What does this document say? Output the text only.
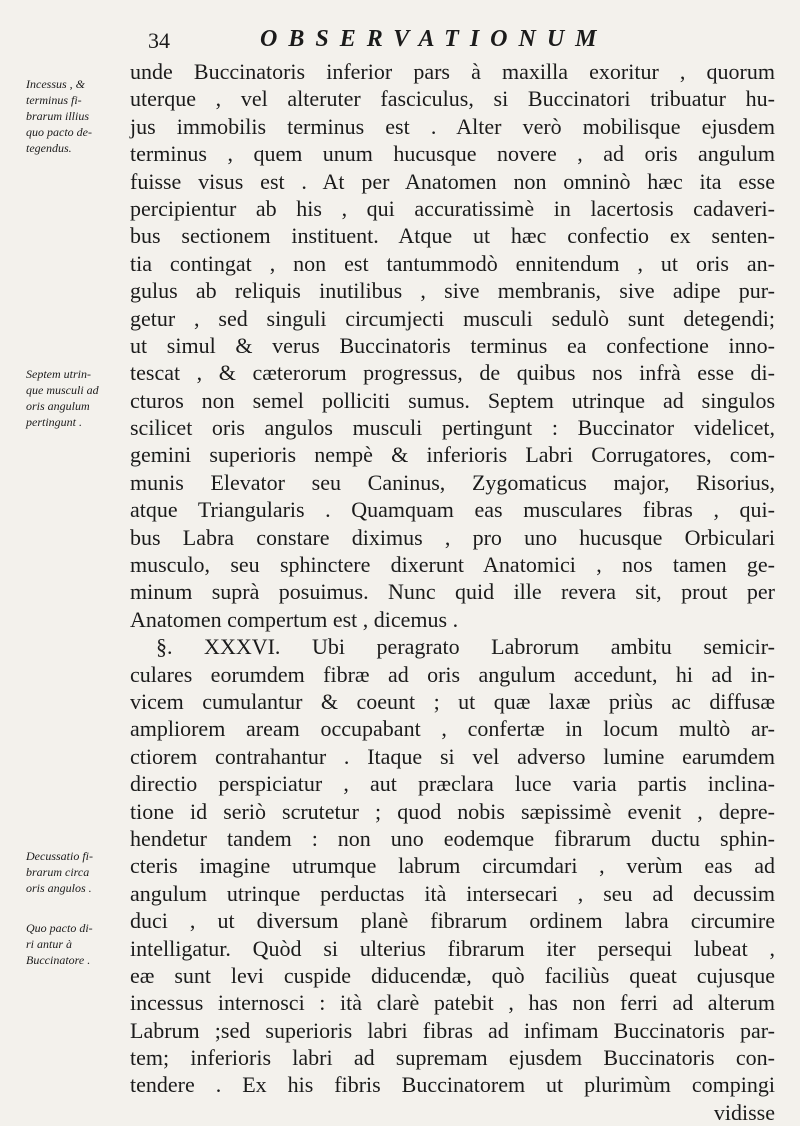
34	OBSERVATIONUM
Incessus , &
terminus fi-
brarum illius
quo pacto de-
tegendus.
Septem utrin-
que musculi ad
oris angulum
pertingunt .
Decussatio fi-
brarum circa
oris angulos .
Quo pacto di-
ri antur à
Buccinatore .
unde Buccinatoris inferior pars à maxilla exoritur , quorum
uterque , vel alteruter fasciculus, si Buccinatori tribuatur hu-
jus immobilis terminus est . Alter verò mobilisque ejusdem
terminus , quem unum hucusque novere , ad oris angulum
fuisse visus est . At per Anatomen non omninò hæc ita esse
percipientur ab his , qui accuratissimè in lacertosis cadaveri-
bus sectionem instituent. Atque ut hæc confectio ex senten-
tia contingat , non est tantummodò ennitendum , ut oris an-
gulus ab reliquis inutilibus , sive membranis, sive adipe pur-
getur , sed singuli circumjecti musculi sedulò sunt detegendi;
ut simul & verus Buccinatoris terminus ea confectione inno-
tescat , & cæterorum progressus, de quibus nos infrà esse di-
cturos non semel polliciti sumus. Septem utrinque ad singulos
scilicet oris angulos musculi pertingunt : Buccinator videlicet,
gemini superioris nempè & inferioris Labri Corrugatores, com-
munis Elevator seu Caninus, Zygomaticus major, Risorius,
atque Triangularis . Quamquam eas musculares fibras , qui-
bus Labra constare diximus , pro uno hucusque Orbiculari
musculo, seu sphinctere dixerunt Anatomici , nos tamen ge-
minum suprà posuimus. Nunc quid ille revera sit, prout per
Anatomen compertum est , dicemus .
§. XXXVI. Ubi peragrato Labrorum ambitu semicir-
culares eorumdem fibræ ad oris angulum accedunt, hi ad in-
vicem cumulantur & coeunt ; ut quæ laxæ priùs ac diffusæ
ampliorem aream occupabant , confertæ in locum multò ar-
ctiorem contrahantur . Itaque si vel adverso lumine earumdem
directio perspiciatur , aut præclara luce varia partis inclina-
tione id seriò scrutetur ; quod nobis sæpissimè evenit , depre-
hendetur tandem : non uno eodemque fibrarum ductu sphin-
cteris imagine utrumque labrum circumdari , verùm eas ad
angulum utrinque perductas ità intersecari , seu ad decussim
duci , ut diversum planè fibrarum ordinem labra circumire
intelligatur. Quòd si ulterius fibrarum iter persequi lubeat ,
eæ sunt levi cuspide diducendæ, quò faciliùs queat cujusque
incessus internosci : ità clarè patebit , has non ferri ad alterum
Labrum ;sed superioris labri fibras ad infimam Buccinatoris par-
tem; inferioris labri ad supremam ejusdem Buccinatoris con-
tendere . Ex his fibris Buccinatorem ut plurimùm compingi
vidisse
